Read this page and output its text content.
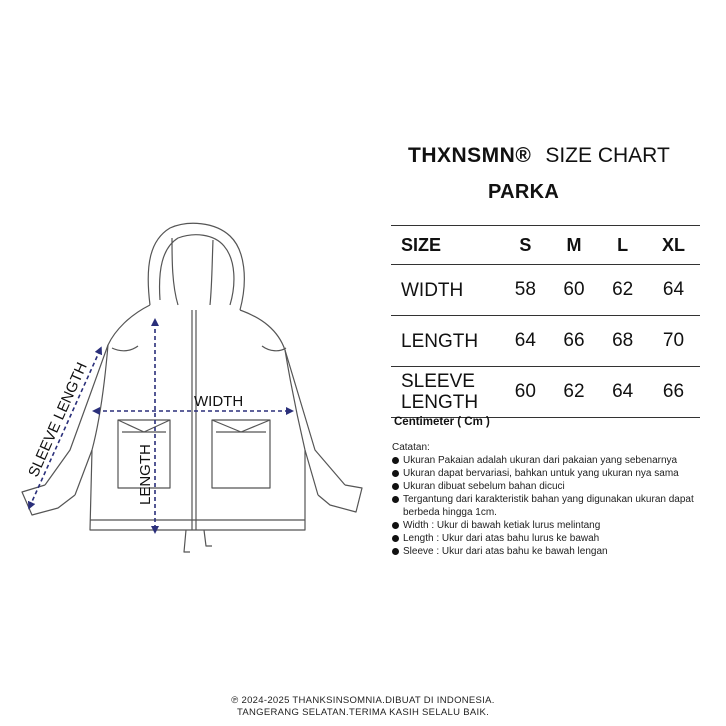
WIDTH
LENGTH
SLEEVE LENGTH
THXNSMN® SIZE CHART
PARKA
SIZE	S	M	L	XL
WIDTH	58	60	62	64
LENGTH	64	66	68	70
SLEEVE
LENGTH	60	62	64	66
Centimeter ( Cm )
Catatan:
Ukuran Pakaian adalah ukuran dari pakaian yang sebenarnya
Ukuran dapat bervariasi, bahkan untuk yang ukuran nya sama
Ukuran dibuat sebelum bahan dicuci
Tergantung dari karakteristik bahan yang digunakan ukuran dapat berbeda hingga 1cm.
Width : Ukur di bawah ketiak lurus melintang
Length : Ukur dari atas bahu lurus ke bawah
Sleeve : Ukur dari atas bahu ke bawah lengan
℗ 2024-2025 THANKSINSOMNIA.DIBUAT DI INDONESIA.
TANGERANG SELATAN.TERIMA KASIH SELALU BAIK.
